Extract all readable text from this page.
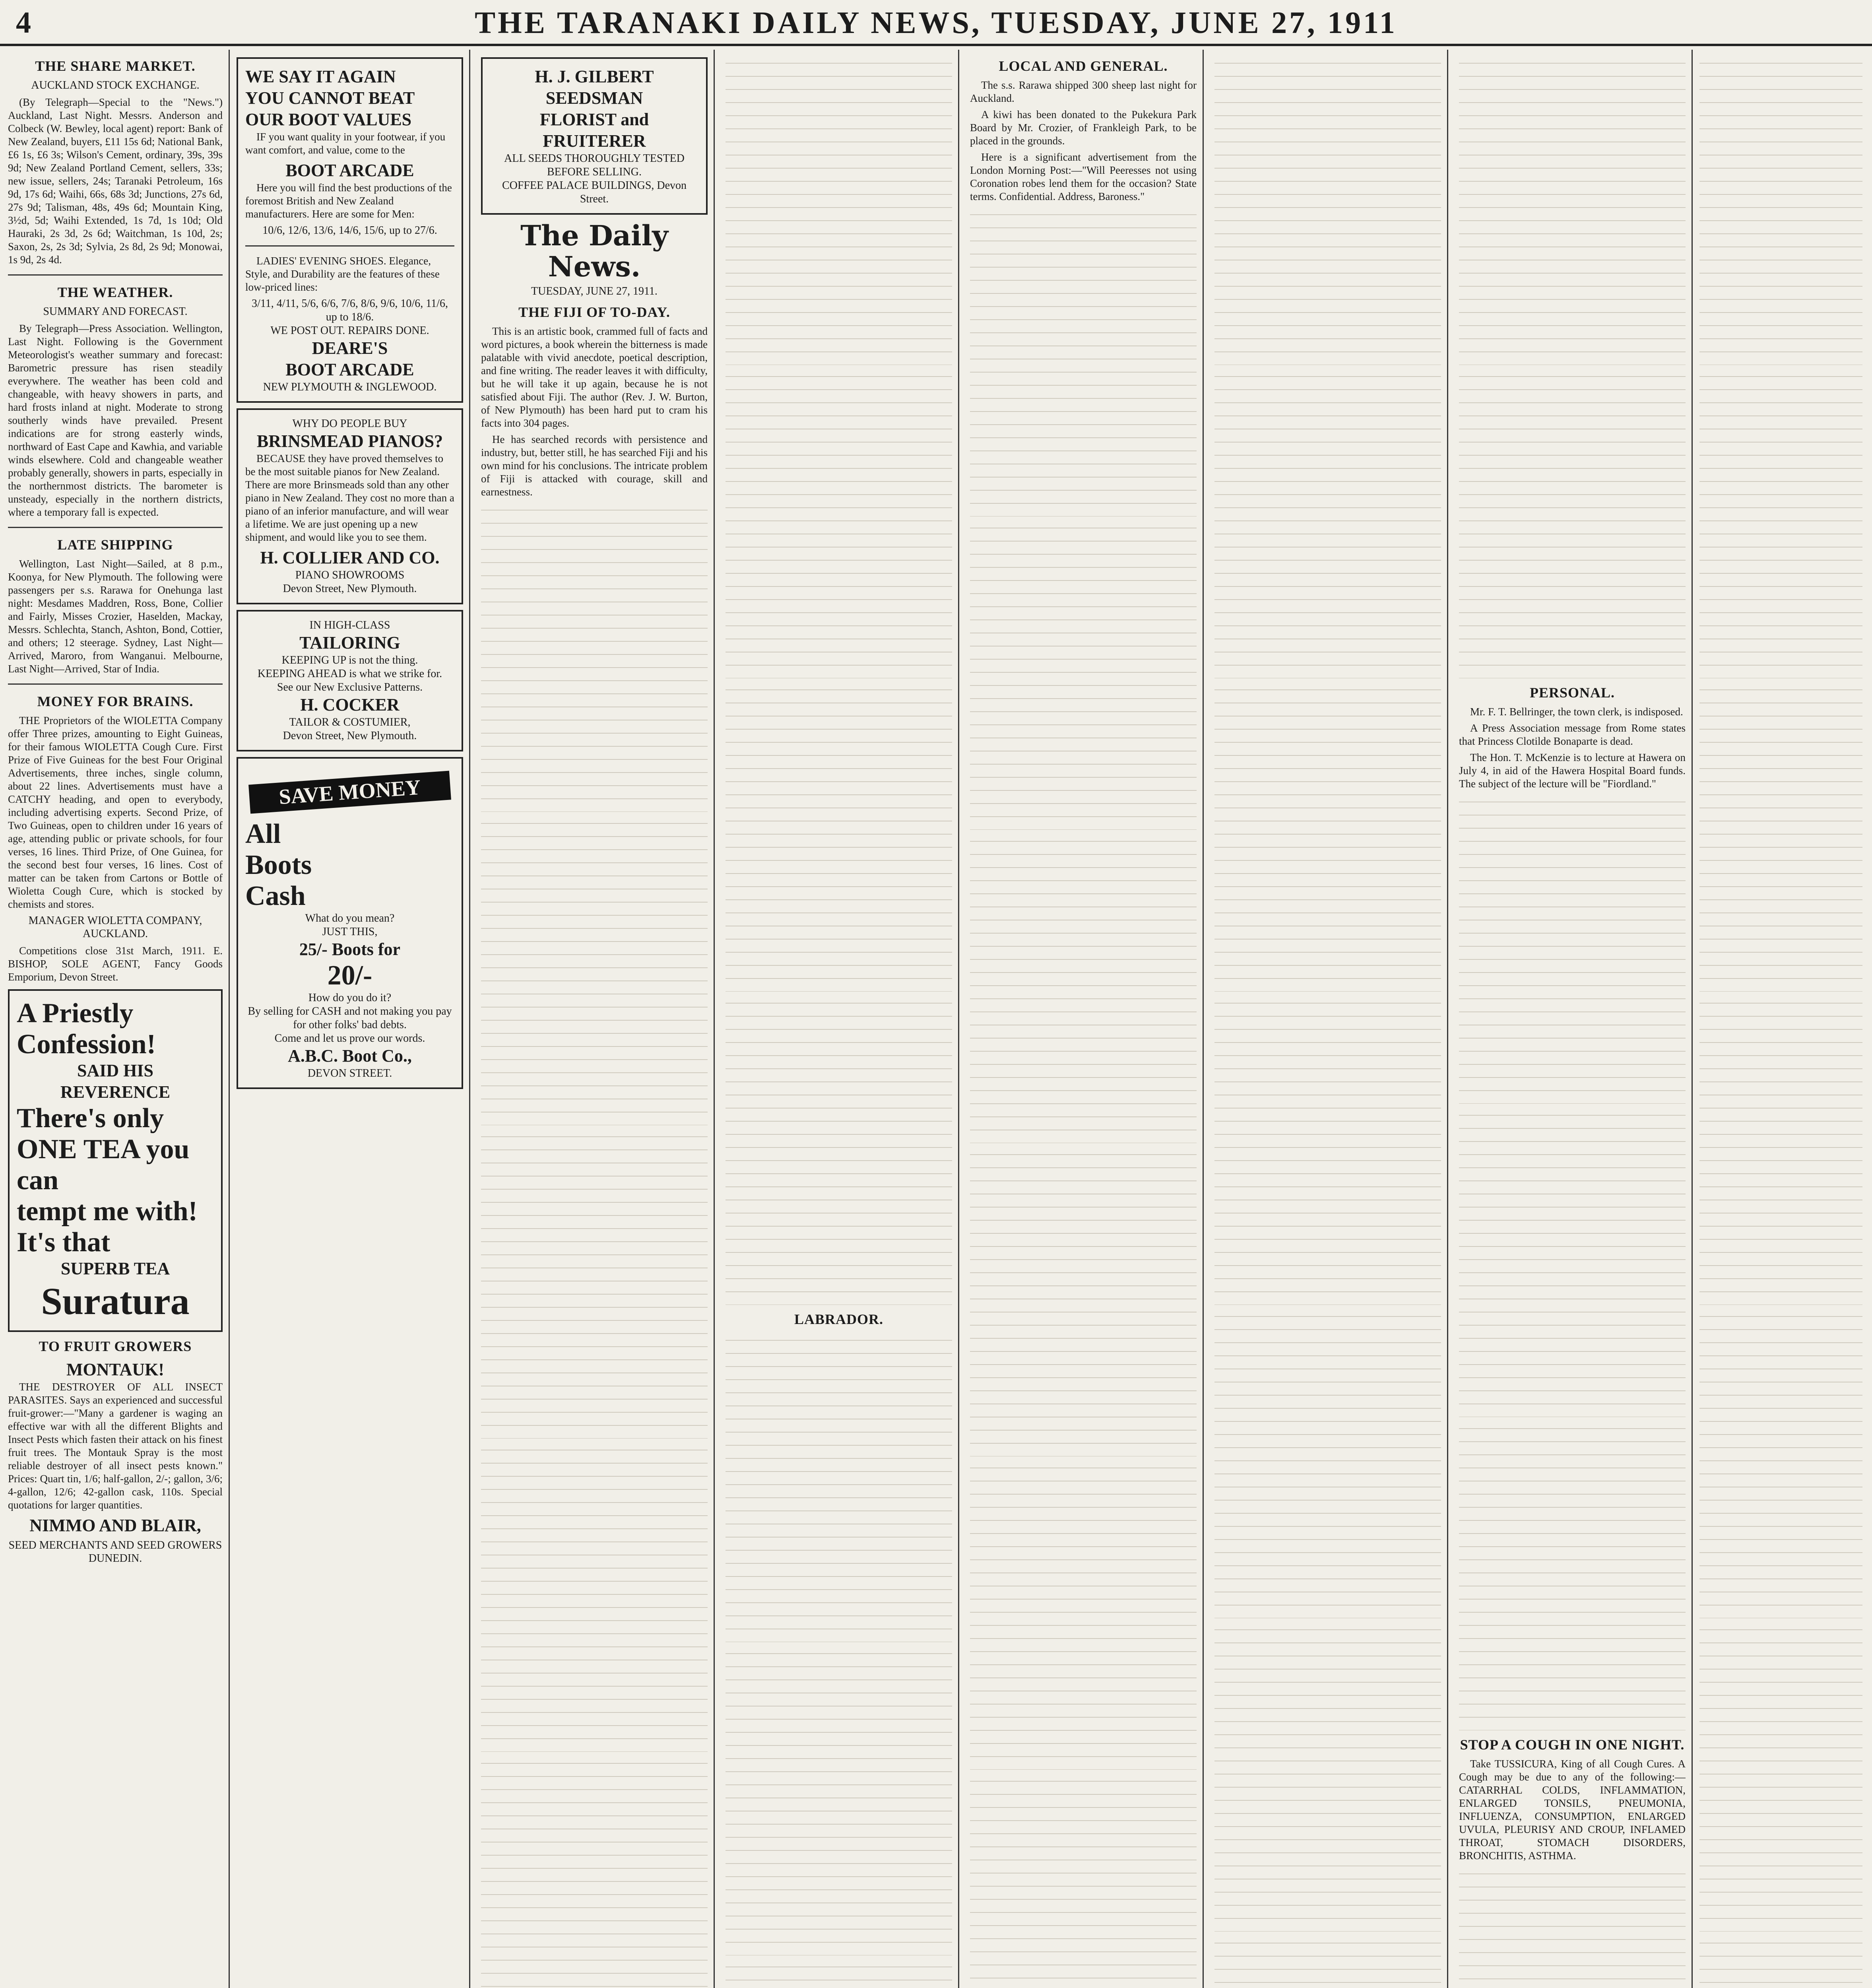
4	THE TARANAKI DAILY NEWS, TUESDAY, JUNE 27, 1911
THE SHARE MARKET.
AUCKLAND STOCK EXCHANGE.

(By Telegraph—Special to the "News.") Auckland, Last Night. Messrs. Anderson and Colbeck (W. Bewley, local agent) report: Bank of New Zealand, buyers, £11 15s 6d; National Bank, £6 1s, £6 3s; Wilson's Cement, ordinary, 39s, 39s 9d; New Zealand Portland Cement, sellers, 33s; new issue, sellers, 24s; Taranaki Petroleum, 16s 9d, 17s 6d; Waihi, 66s, 68s 3d; Junctions, 27s 6d, 27s 9d; Talisman, 48s, 49s 6d; Mountain King, 3½d, 5d; Waihi Extended, 1s 7d, 1s 10d; Old Hauraki, 2s 3d, 2s 6d; Waitchman, 1s 10d, 2s; Saxon, 2s, 2s 3d; Sylvia, 2s 8d, 2s 9d; Monowai, 1s 9d, 2s 4d.

THE WEATHER.
SUMMARY AND FORECAST.

By Telegraph—Press Association. Wellington, Last Night. Following is the Government Meteorologist's weather summary and forecast: Barometric pressure has risen steadily everywhere. The weather has been cold and changeable, with heavy showers in parts, and hard frosts inland at night. Moderate to strong southerly winds have prevailed. Present indications are for strong easterly winds, northward of East Cape and Kawhia, and variable winds elsewhere. Cold and changeable weather probably generally, showers in parts, especially in the northernmost districts. The barometer is unsteady, especially in the northern districts, where a temporary fall is expected.

LATE SHIPPING

Wellington, Last Night—Sailed, at 8 p.m., Koonya, for New Plymouth. The following were passengers per s.s. Rarawa for Onehunga last night: Mesdames Maddren, Ross, Bone, Collier and Fairly, Misses Crozier, Haselden, Mackay, Messrs. Schlechta, Stanch, Ashton, Bond, Cottier, and others; 12 steerage. Sydney, Last Night—Arrived, Maroro, from Wanganui. Melbourne, Last Night—Arrived, Star of India.

MONEY FOR BRAINS.

THE Proprietors of the WIOLETTA Company offer Three prizes, amounting to Eight Guineas, for their famous WIOLETTA Cough Cure. First Prize of Five Guineas for the best Four Original Advertisements, three inches, single column, about 22 lines. Advertisements must have a CATCHY heading, and open to everybody, including advertising experts. Second Prize, of Two Guineas, open to children under 16 years of age, attending public or private schools, for four verses, 16 lines. Third Prize, of One Guinea, for the second best four verses, 16 lines. Cost of matter can be taken from Cartons or Bottle of Wioletta Cough Cure, which is stocked by chemists and stores.

MANAGER WIOLETTA COMPANY, AUCKLAND.

Competitions close 31st March, 1911. E. BISHOP, SOLE AGENT, Fancy Goods Emporium, Devon Street.

A Priestly
Confession!
SAID HIS
REVERENCE
There's only
ONE TEA you can
tempt me with!
It's that
SUPERB TEA
Suratura
TO FRUIT GROWERS
MONTAUK!

THE DESTROYER OF ALL INSECT PARASITES. Says an experienced and successful fruit-grower:—"Many a gardener is waging an effective war with all the different Blights and Insect Pests which fasten their attack on his finest fruit trees. The Montauk Spray is the most reliable destroyer of all insect pests known." Prices: Quart tin, 1/6; half-gallon, 2/-; gallon, 3/6; 4-gallon, 12/6; 42-gallon cask, 110s. Special quotations for larger quantities.

NIMMO AND BLAIR,
SEED MERCHANTS AND SEED GROWERS DUNEDIN.
WE SAY IT AGAIN
YOU CANNOT BEAT
OUR BOOT VALUES

IF you want quality in your footwear, if you want comfort, and value, come to the

BOOT ARCADE

Here you will find the best productions of the foremost British and New Zealand manufacturers. Here are some for Men:

10/6, 12/6, 13/6, 14/6, 15/6, up to 27/6.

LADIES' EVENING SHOES. Elegance, Style, and Durability are the features of these low-priced lines:

3/11, 4/11, 5/6, 6/6, 7/6, 8/6, 9/6, 10/6, 11/6, up to 18/6.
WE POST OUT. REPAIRS DONE.
DEARE'S
BOOT ARCADE
NEW PLYMOUTH & INGLEWOOD.
WHY DO PEOPLE BUY
BRINSMEAD PIANOS?

BECAUSE they have proved themselves to be the most suitable pianos for New Zealand. There are more Brinsmeads sold than any other piano in New Zealand. They cost no more than a piano of an inferior manufacture, and will wear a lifetime. We are just opening up a new shipment, and would like you to see them.

H. COLLIER AND CO.
PIANO SHOWROOMS
Devon Street, New Plymouth.
IN HIGH-CLASS
TAILORING
KEEPING UP is not the thing.
KEEPING AHEAD is what we strike for.
See our New Exclusive Patterns.
H. COCKER
TAILOR & COSTUMIER,
Devon Street, New Plymouth.
SAVE MONEY
All
Boots
Cash
What do you mean?
JUST THIS,
25/- Boots for
20/-
How do you do it?
By selling for CASH and not making you pay for other folks' bad debts.
Come and let us prove our words.
A.B.C. Boot Co.,
DEVON STREET.
H. J. GILBERT
SEEDSMAN
FLORIST and
FRUITERER
ALL SEEDS THOROUGHLY TESTED BEFORE SELLING.
COFFEE PALACE BUILDINGS, Devon Street.
The Daily News.
TUESDAY, JUNE 27, 1911.
THE FIJI OF TO-DAY.

This is an artistic book, crammed full of facts and word pictures, a book wherein the bitterness is made palatable with vivid anecdote, poetical description, and fine writing. The reader leaves it with difficulty, but he will take it up again, because he is not satisfied about Fiji. The author (Rev. J. W. Burton, of New Plymouth) has been hard put to cram his facts into 304 pages.

He has searched records with persistence and industry, but, better still, he has searched Fiji and his own mind for his conclusions. The intricate problem of Fiji is attacked with courage, skill and earnestness.

LABRADOR.
LOCAL AND GENERAL.

The s.s. Rarawa shipped 300 sheep last night for Auckland.

A kiwi has been donated to the Pukekura Park Board by Mr. Crozier, of Frankleigh Park, to be placed in the grounds.

Here is a significant advertisement from the London Morning Post:—"Will Peeresses not using Coronation robes lend them for the occasion? State terms. Confidential. Address, Baroness."

PERSONAL.

Mr. F. T. Bellringer, the town clerk, is indisposed.

A Press Association message from Rome states that Princess Clotilde Bonaparte is dead.

The Hon. T. McKenzie is to lecture at Hawera on July 4, in aid of the Hawera Hospital Board funds. The subject of the lecture will be "Fiordland."

STOP A COUGH IN ONE NIGHT.

Take TUSSICURA, King of all Cough Cures. A Cough may be due to any of the following:—CATARRHAL COLDS, INFLAMMATION, ENLARGED TONSILS, PNEUMONIA, INFLUENZA, CONSUMPTION, ENLARGED UVULA, PLEURISY AND CROUP, INFLAMED THROAT, STOMACH DISORDERS, BRONCHITIS, ASTHMA.
